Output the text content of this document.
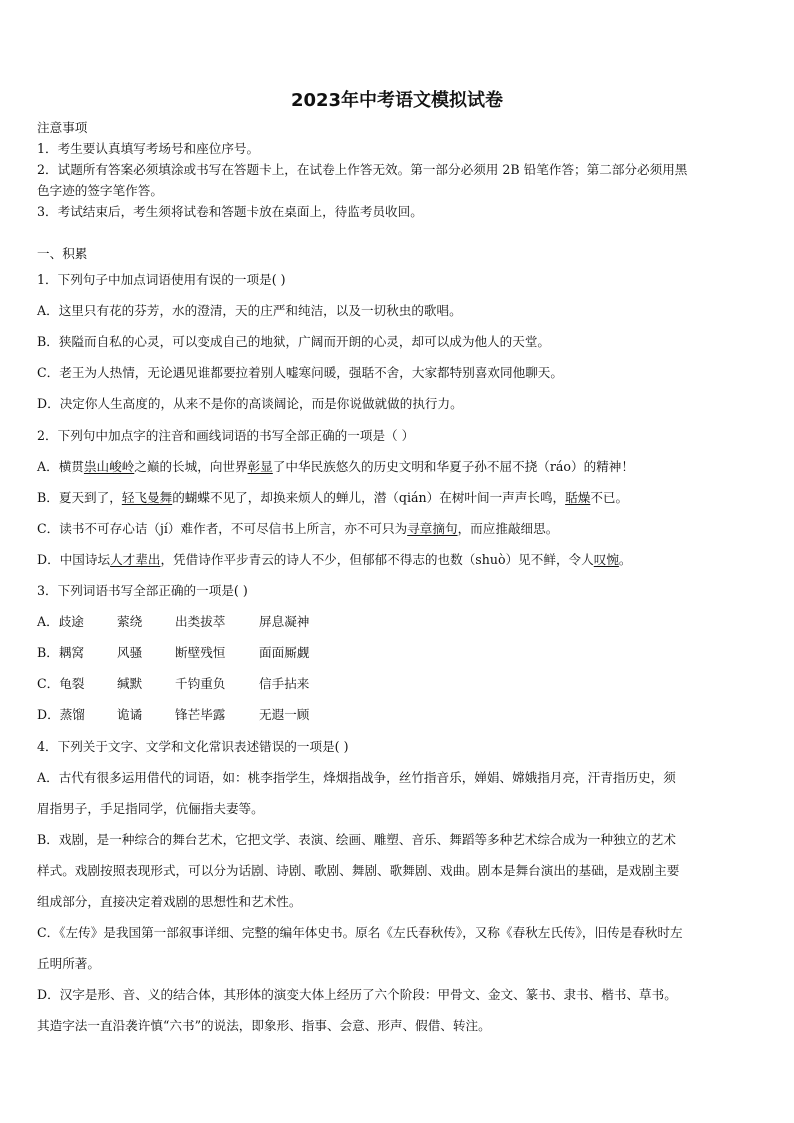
2023年中考语文模拟试卷
注意事项
1．考生要认真填写考场号和座位序号。
2．试题所有答案必须填涂或书写在答题卡上，在试卷上作答无效。第一部分必须用 2B 铅笔作答；第二部分必须用黑
色字迹的签字笔作答。
3．考试结束后，考生须将试卷和答题卡放在桌面上，待监考员收回。
一、积累
1．下列句子中加点词语使用有误的一项是( )
A．这里只有花的芬芳，水的澄清，天的庄严和纯洁，以及一切秋虫的歌唱。
B．狭隘而自私的心灵，可以变成自己的地狱，广阔而开朗的心灵，却可以成为他人的天堂。
C．老王为人热情，无论遇见谁都要拉着别人嘘寒问暖，强聒不舍，大家都特别喜欢同他聊天。
D．决定你人生高度的，从来不是你的高谈阔论，而是你说做就做的执行力。
2．下列句中加点字的注音和画线词语的书写全部正确的一项是（ ）
A．横贯祟山峻岭之巅的长城，向世界彰显了中华民族悠久的历史文明和华夏子孙不屈不挠（ráo）的精神！
B．夏天到了，轻飞曼舞的蝴蝶不见了，却换来烦人的蝉儿，潜（qián）在树叶间一声声长鸣，聒燥不已。
C．读书不可存心诘（jí）难作者，不可尽信书上所言，亦不可只为寻章摘句，而应推敲细思。
D．中国诗坛人才辈出，凭借诗作平步青云的诗人不少，但郁郁不得志的也数（shuò）见不鲜，令人叹惋。
3．下列词语书写全部正确的一项是( )
A．歧途	萦绕	出类拔萃	屏息凝神
B．耦窝	风骚	断壁残恒	面面厮觑
C．龟裂	缄默	千钧重负	信手拈来
D．蒸馏	诡谲	锋芒毕露	无遐一顾
4．下列关于文字、文学和文化常识表述错误的一项是( )
A．古代有很多运用借代的词语，如：桃李指学生，烽烟指战争，丝竹指音乐，婵娟、嫦娥指月亮，汗青指历史，须
眉指男子，手足指同学，伉俪指夫妻等。
B．戏剧，是一种综合的舞台艺术，它把文学、表演、绘画、雕塑、音乐、舞蹈等多种艺术综合成为一种独立的艺术
样式。戏剧按照表现形式，可以分为话剧、诗剧、歌剧、舞剧、歌舞剧、戏曲。剧本是舞台演出的基础，是戏剧主要
组成部分，直接决定着戏剧的思想性和艺术性。
C．《左传》是我国第一部叙事详细、完整的编年体史书。原名《左氏春秋传》，又称《春秋左氏传》，旧传是春秋时左
丘明所著。
D．汉字是形、音、义的结合体，其形体的演变大体上经历了六个阶段：甲骨文、金文、篆书、隶书、楷书、草书。
其造字法一直沿袭许慎“六书”的说法，即象形、指事、会意、形声、假借、转注。
